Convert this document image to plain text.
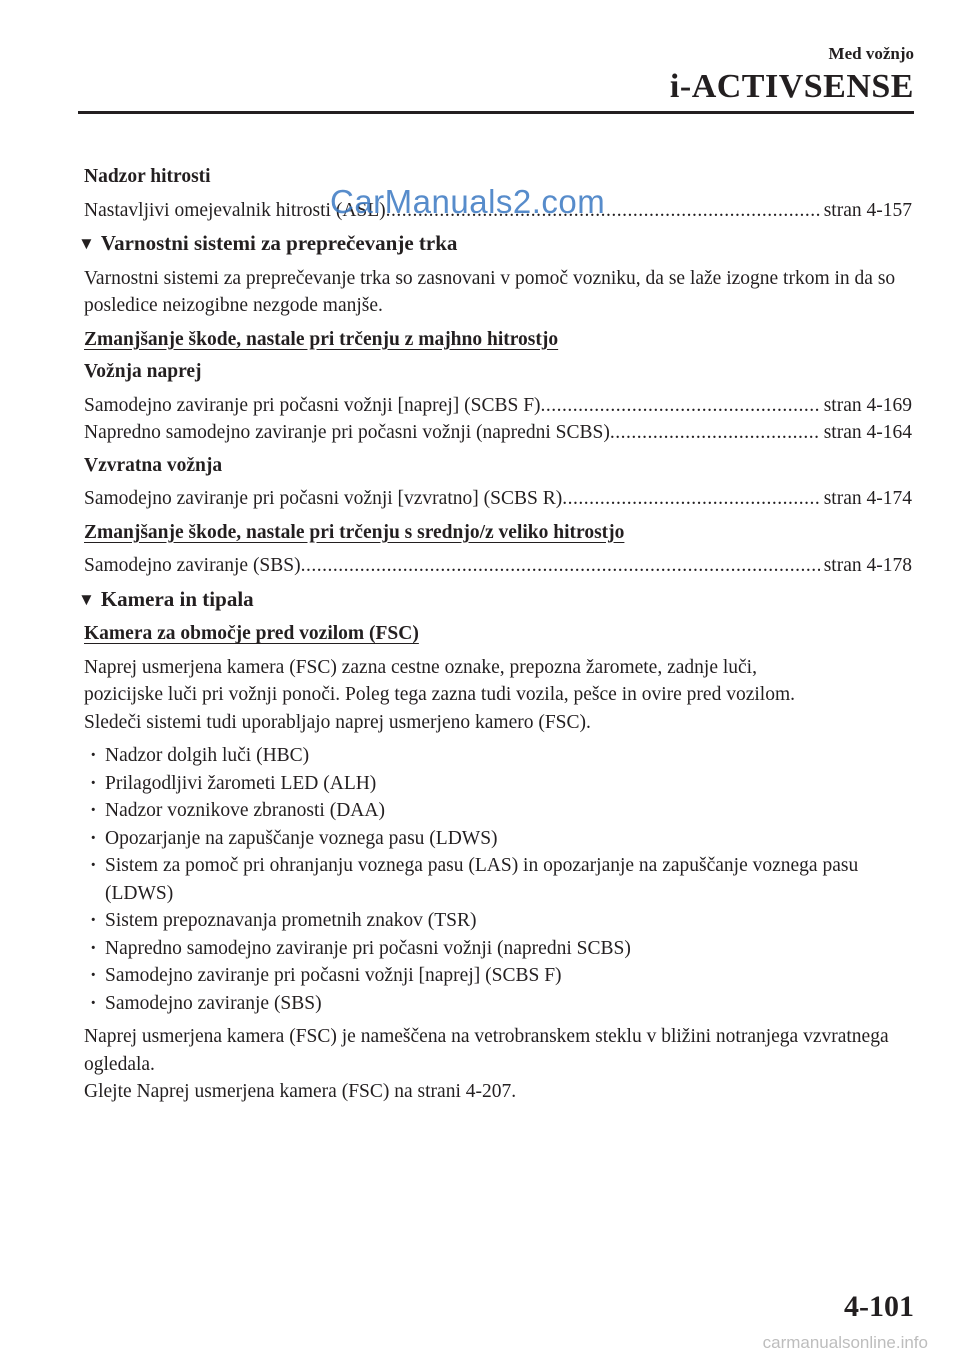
Med vožnjo
i-ACTIVSENSE
Nadzor hitrosti
Nastavljivi omejevalnik hitrosti (ASL) .....	stran 4-157
▼ Varnostni sistemi za preprečevanje trka
Varnostni sistemi za preprečevanje trka so zasnovani v pomoč vozniku, da se laže izogne trkom in da so posledice neizogibne nezgode manjše.
Zmanjšanje škode, nastale pri trčenju z majhno hitrostjo
Vožnja naprej
Samodejno zaviranje pri počasni vožnji [naprej] (SCBS F) .....	stran 4-169
Napredno samodejno zaviranje pri počasni vožnji (napredni SCBS) .....	stran 4-164
Vzvratna vožnja
Samodejno zaviranje pri počasni vožnji [vzvratno] (SCBS R) .....	stran 4-174
Zmanjšanje škode, nastale pri trčenju s srednjo/z veliko hitrostjo
Samodejno zaviranje (SBS) .....	stran 4-178
▼ Kamera in tipala
Kamera za območje pred vozilom (FSC)
Naprej usmerjena kamera (FSC) zazna cestne oznake, prepozna žaromete, zadnje luči,
pozicijske luči pri vožnji ponoči. Poleg tega zazna tudi vozila, pešce in ovire pred vozilom.
Sledeči sistemi tudi uporabljajo naprej usmerjeno kamero (FSC).
· Nadzor dolgih luči (HBC)
· Prilagodljivi žarometi LED (ALH)
· Nadzor voznikove zbranosti (DAA)
· Opozarjanje na zapuščanje voznega pasu (LDWS)
· Sistem za pomoč pri ohranjanju voznega pasu (LAS) in opozarjanje na zapuščanje voznega pasu (LDWS)
· Sistem prepoznavanja prometnih znakov (TSR)
· Napredno samodejno zaviranje pri počasni vožnji (napredni SCBS)
· Samodejno zaviranje pri počasni vožnji [naprej] (SCBS F)
· Samodejno zaviranje (SBS)
Naprej usmerjena kamera (FSC) je nameščena na vetrobranskem steklu v bližini notranjega vzvratnega ogledala.
Glejte Naprej usmerjena kamera (FSC) na strani 4-207.
CarManuals2.com
4-101
carmanualsonline.info
